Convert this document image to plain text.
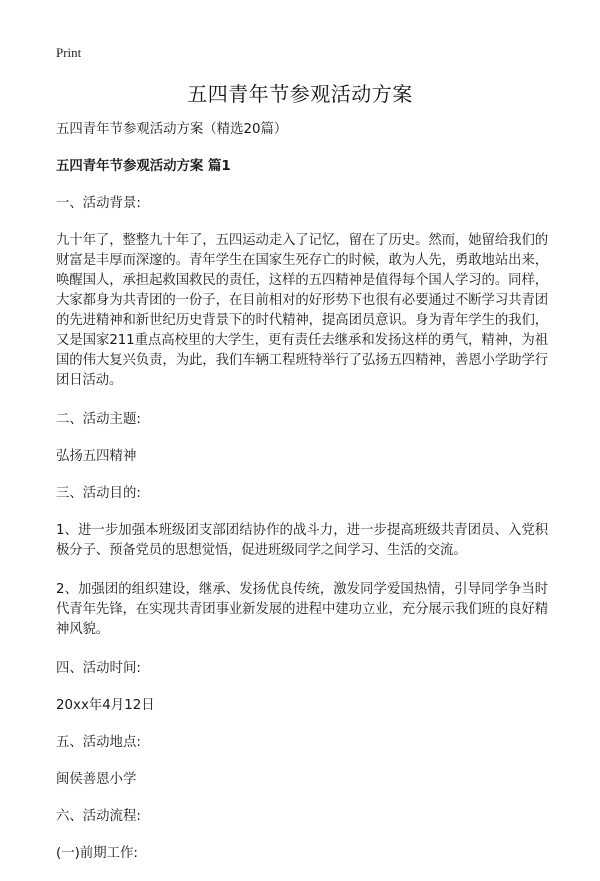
Print
五四青年节参观活动方案

五四青年节参观活动方案（精选20篇）

五四青年节参观活动方案 篇1

一、活动背景:

九十年了，整整九十年了，五四运动走入了记忆，留在了历史。然而，她留给我们的财富是丰厚而深邃的。青年学生在国家生死存亡的时候，敢为人先，勇敢地站出来，唤醒国人，承担起救国救民的责任，这样的五四精神是值得每个国人学习的。同样，大家都身为共青团的一份子，在目前相对的好形势下也很有必要通过不断学习共青团的先进精神和新世纪历史背景下的时代精神，提高团员意识。身为青年学生的我们，又是国家211重点高校里的大学生，更有责任去继承和发扬这样的勇气，精神，为祖国的伟大复兴负责，为此，我们车辆工程班特举行了弘扬五四精神，善恩小学助学行团日活动。

二、活动主题:

弘扬五四精神

三、活动目的:

1、进一步加强本班级团支部团结协作的战斗力，进一步提高班级共青团员、入党积极分子、预备党员的思想觉悟，促进班级同学之间学习、生活的交流。

2、加强团的组织建设，继承、发扬优良传统，激发同学爱国热情，引导同学争当时代青年先锋，在实现共青团事业新发展的进程中建功立业，充分展示我们班的良好精神风貌。

四、活动时间:

20xx年4月12日

五、活动地点:

闽侯善恩小学

六、活动流程:

(一)前期工作:
